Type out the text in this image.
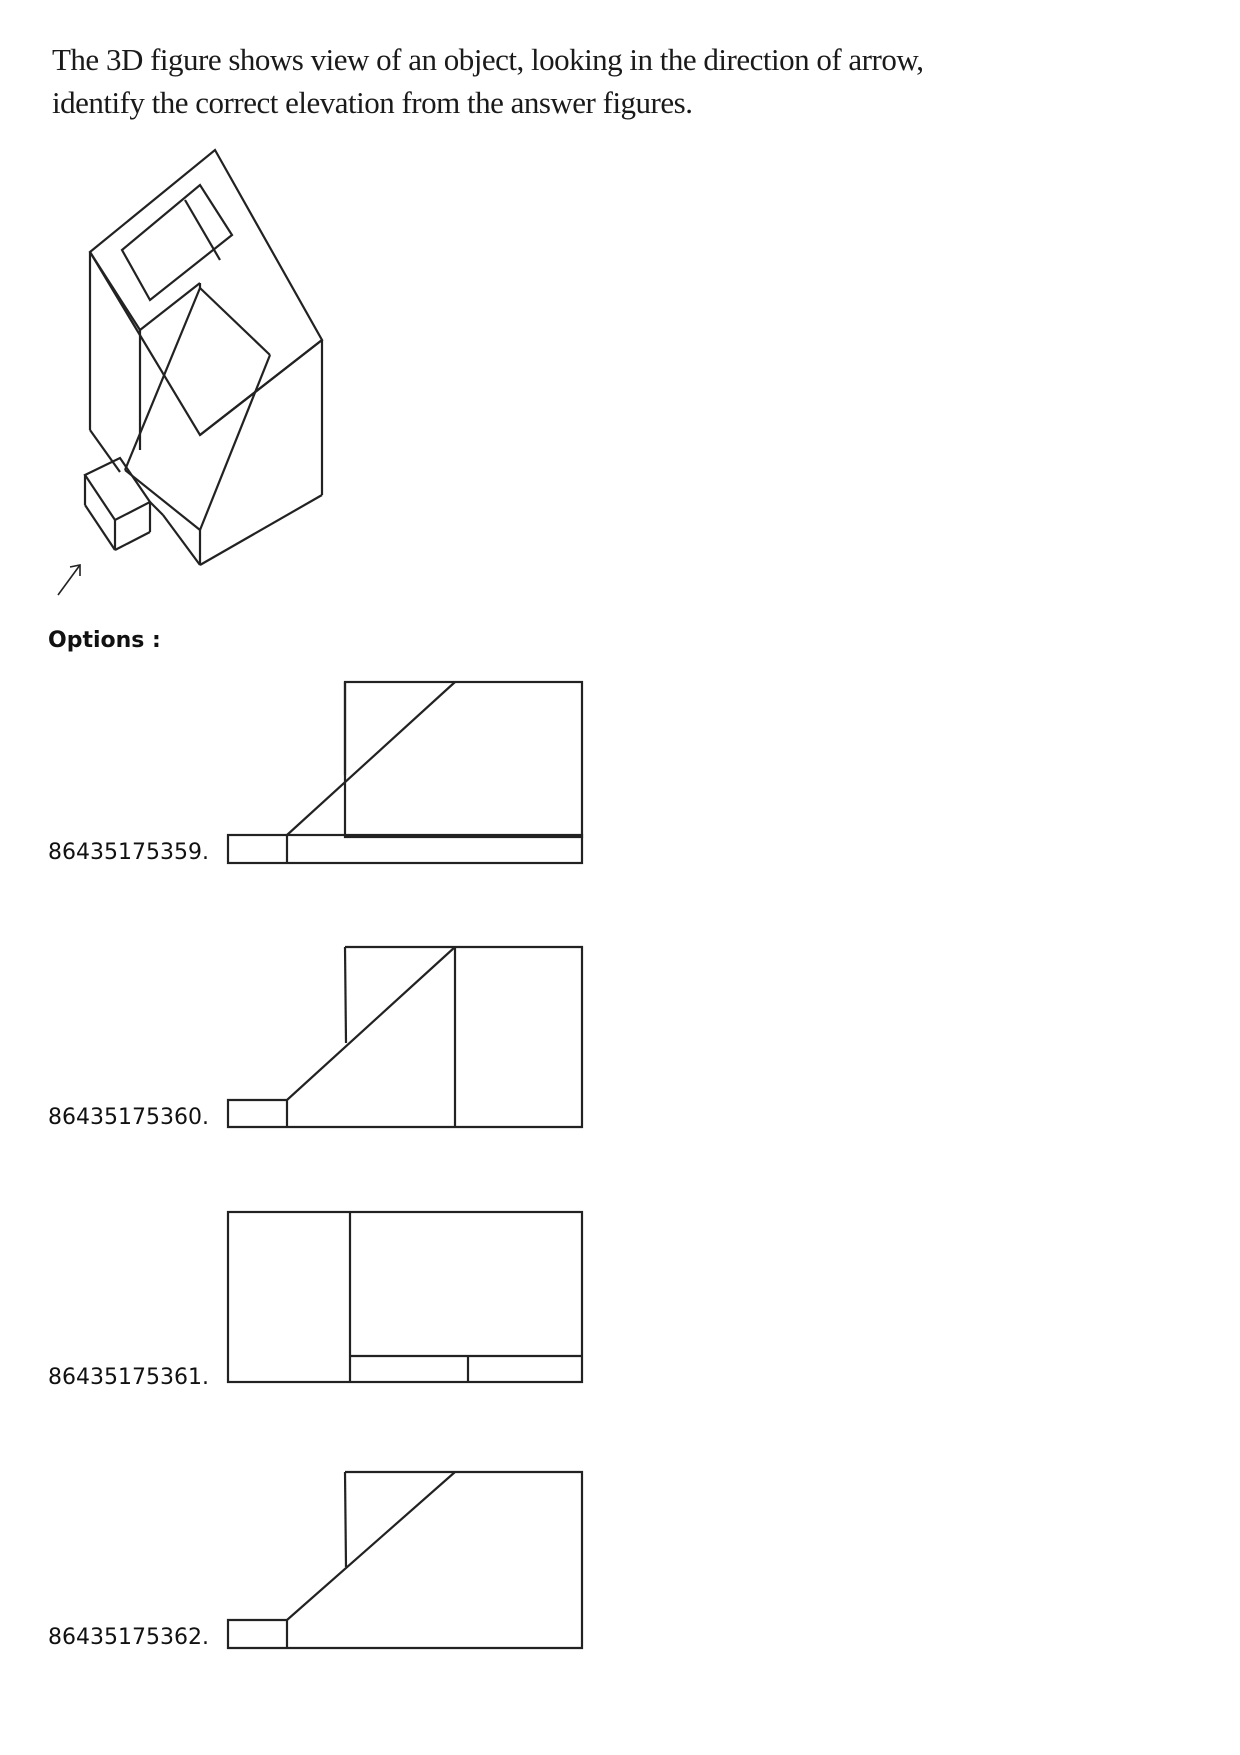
The 3D figure shows view of an object, looking in the direction of arrow, identify the correct elevation from the answer figures.
Options :
86435175359.
86435175360.
86435175361.
86435175362.
